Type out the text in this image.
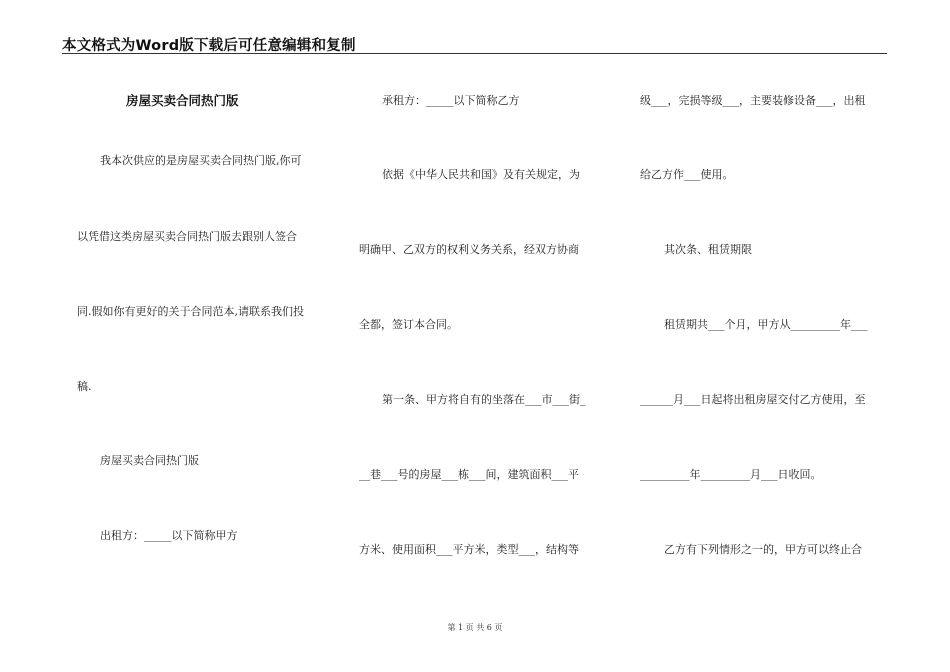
本文格式为Word版下载后可任意编辑和复制
房屋买卖合同热门版
我本次供应的是房屋买卖合同热门版,你可
以凭借这类房屋买卖合同热门版去跟别人签合
同.假如你有更好的关于合同范本,请联系我们投
稿.
房屋买卖合同热门版
出租方：_____以下简称甲方
承租方：_____以下简称乙方
依据《中华人民共和国》及有关规定，为
明确甲、乙双方的权利义务关系，经双方协商
全都，签订本合同。
第一条、甲方将自有的坐落在___市___街_
__巷___号的房屋___栋___间，建筑面积___平
方米、使用面积___平方米，类型___，结构等
级___，完损等级___，主要装修设备___，出租
给乙方作___使用。
其次条、租赁期限
租赁期共___个月，甲方从_________年___
______月___日起将出租房屋交付乙方使用，至
_________年_________月___日收回。
乙方有下列情形之一的，甲方可以终止合
第 1 页 共 6 页
